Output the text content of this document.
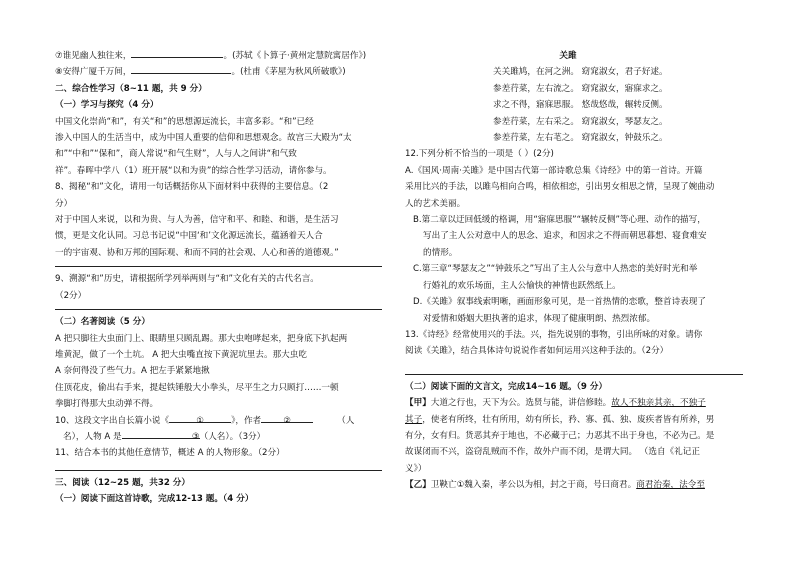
⑦谁见幽人独往来，	。(苏轼《卜算子·黄州定慧院寓居作》)
⑧安得广厦千万间，	。(杜甫《茅屋为秋风所破歌》)
二、综合性学习（8~11 题，共 9 分）
（一）学习与探究（4 分）
中国文化崇尚“和”，有关“和”的思想源远流长，丰富多彩。“和”已经
渗入中国人的生活当中，成为中国人重要的信仰和思想观念。故宫三大殿为“太
和”“中和”“保和”，商人常说“和气生财”，人与人之间讲“和气致
祥”。春晖中学八（1）班开展“以和为贵”的综合性学习活动，请你参与。
8、揭秘“和”文化，请用一句话概括你从下面材料中获得的主要信息。（2
分）
对于中国人来说，以和为贵、与人为善，信守和平、和睦、和谐，是生活习
惯，更是文化认同。习总书记说“中国‘和’文化源远流长，蕴涵着天人合
一的宇宙观、协和万邦的国际观、和而不同的社会观、人心和善的道德观。”
9、溯源“和”历史，请根据所学列举两则与“和”文化有关的古代名言。
（2分）
（二）名著阅读（5 分）
A 把只脚往大虫面门上、眼睛里只顾乱踢。那大虫咆哮起来，把身底下扒起两
堆黄泥，做了一个土坑。 A 把大虫嘴直按下黄泥坑里去。那大虫吃
A 奈何得没了些气力。A 把左手紧紧地揪
住顶花皮，偷出右手来，提起铁锤般大小拳头，尽平生之力只顾打……一顿
拳脚打得那大虫动弹不得。
10、这段文字出自长篇小说《	①	》，作者	②	（人
名），人物 A 是	③（人名）。（3分）
11、结合本书的其他任意情节，概述 A 的人物形象。（2分）
三、阅读（12~25 题，共32 分）
（一）阅读下面这首诗歌，完成12-13 题。（4 分）
关雎
关关雎鸠，在河之洲。 窈窕淑女，君子好逑。
参差荇菜，左右流之。 窈窕淑女，寤寐求之。
求之不得，寤寐思服。 悠哉悠哉，辗转反侧。
参差荇菜，左右采之。 窈窕淑女，琴瑟友之。
参差荇菜，左右芼之。 窈窕淑女，钟鼓乐之。
12.下列分析不恰当的一项是（ ）(2分)
A.《国风·周南·关雎》是中国古代第一部诗歌总集《诗经》中的第一首诗。开篇
采用比兴的手法，以雎鸟相向合鸣，相依相恋，引出男女相思之情，呈现了婉曲动
人的艺术美丽。
B.第二章以迂回低缓的格调，用“寤寐思服”“辗转反侧”等心理、动作的描写，
写出了主人公对意中人的思念、追求，和因求之不得而朝思暮想、寝食难安
的情形。
C.第三章“琴瑟友之”“钟鼓乐之”写出了主人公与意中人热恋的美好时光和举
行婚礼的欢乐场面，主人公愉快的神情也跃然纸上。
D.《关雎》叙事线索明晰，画面形象可见，是一首热情的恋歌，整首诗表现了
对爱情和婚姻大胆执著的追求，体现了健康明朗、热烈浓郁。
13.《诗经》经常使用兴的手法。兴，指先说别的事物，引出所咏的对象。请你
阅读《关雎》，结合具体诗句说说作者如何运用兴这种手法的。（2分）
（二）阅读下面的文言文，完成14~16 题。（9 分）
【甲】大道之行也，天下为公。选贤与能，讲信修睦。故人不独亲其亲，不独子
其子，使老有所终，壮有所用，幼有所长，矜、寡、孤、独、废疾者皆有所养，男
有分，女有归。货恶其弃于地也，不必藏于己；力恶其不出于身也，不必为己。是
故谋闭而不兴，盗窃乱贼而不作，故外户而不闭，是谓大同。 （选自《礼记正
义》）
【乙】卫鞅亡①魏入秦，孝公以为相，封之于商，号曰商君。商君治秦，法令至
